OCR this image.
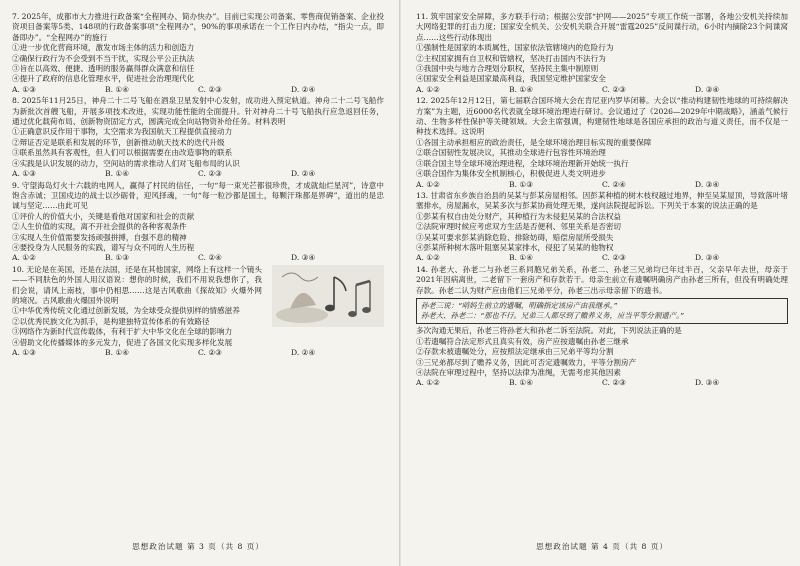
7. 2025年，成都市大力推进行政备案“全程网办、简办快办”。目前已实现公司备案、零售商促销备案、企业投资项目备案等5类、148项的行政备案事项“全程网办”，90%的事项承诺在一个工作日内办结，“指尖一点，即备即办”。“全程网办”的施行

①进一步优化营商环境，激发市场主体的活力和创造力

②确保行政行为不会受到不当干扰，实现公平公正执法

③旨在以高效、便捷、透明的服务赢得群众满意和信任

④提升了政府的信息化管理水平，促进社会治理现代化

A. ①③	B. ①④	C. ②③	D. ②④

8. 2025年11月25日，神舟二十二号飞船在酒泉卫星发射中心发射，成功进入预定轨道。神舟二十二号飞船作为新批次首艘飞船，开展多项技术改进，实现功能性能的全面提升。针对神舟二十号飞船执行应急返回任务，通过优化载荷布局、创新物资固定方式，圆满完成全向站物资补给任务。材料表明

①正确意识反作用于事物，太空需求为我国航天工程提供直接动力

②辩证否定是联系和发展的环节，创新推动航天技术的迭代升级

③联系虽然具有客观性，但人们可以根据需要在由改造事物的联系

④实践是认识发展的动力，空间站的需求推动人们对飞船布局的认识

A. ①③	B. ①④	C. ②③	D. ②④

9. 守望海岛灯火十六载的电网人，赢得了村民的信任，一句“每一束光芒都很珍贵，才成就灿烂星河”，诗意中饱含赤诚；卫国戍边的战士以沙砺骨，迎风择魂，一句“每一粒沙都是国土，每颗汗珠都是界碑”，道出的是忠诚与坚定……由此可见

①评价人的价值大小，关键是看他对国家和社会的贡献

②人生价值的实现，离不开社会提供的各种客观条件

③实现人生价值需要发扬顽强拼搏，自强不息的精神

④要投身为人民服务的实践，谱写与众不同的人生历程

A. ①②	B. ①③	C. ②④	D. ③④

10. 无论是在美国，还是在法国，还是在其他国家，网络上有这样一个镜头——不同肤色的外国人用汉语说：想你的时候，我们不用说我想你了，我们会说，请风上南枝，事中仍相思……这是古风歌曲《探故知》火爆外网的境况。古风歌曲火爆国外说明

①中华优秀传统文化通过创新发展，为全球受众提供别样的情感滋养

②以优秀民族文化为抓手，是构建独特宣传体系的有效路径

③网络作为新时代宣传载体，有利于扩大中华文化在全球的影响力

④借助文化传播媒体的多元发力，促进了各国文化实现多样化发展

A. ①③	B. ①④	C. ②③	D. ②④
思想政治试题 第 3 页（共 8 页）

11. 筑牢国家安全屏障，多方联手行动；根据公安部“护网——2025”专项工作统一部署，各地公安机关持续加大网络犯罪的打击力度；国家安全机关、公安机关联合开展“雷霆2025”反间谍行动，6小时内摘除23个间谍窝点……这些行动体现出

①强制性是国家的本质属性，国家依法管辖境内的危险行为

②主权国家拥有自卫权和管辖权，坚决打击国内不法行为

③我国中央与地方合理划分职权，坚持民主集中制原则

④国家安全利益是国家最高利益，我国坚定维护国家安全

A. ①②	B. ①④	C. ②③	D. ③④

12. 2025年12月12日，第七届联合国环境大会在肯尼亚内罗毕闭幕。大会以“推动构建韧性地球的可持续解决方案”为主题，近6000名代表就全球环境治理进行研讨。会议通过了《2026—2029年中期战略》，涵盖气候行动、生物多样性保护等关键领域。大会主席强调，构建韧性地球是各国应承担的政治与道义责任，而不仅是一种技术选择。这说明

①各国主动承担相应的政治责任，是全球环境治理目标实现的重要保障

②联合国韧性发展决议，其推动全球进行包容性环境治理

③联合国主导全球环境治理进程，全球环境治理新开始统一执行

④联合国作为集体安全机制核心，积极促进人类文明进步

A. ①②	B. ①③	C. ②④	D. ③④

13. 甘肃省东乡族自治县的吴某与彭某房屋相邻。因彭某种植的树木枝杈越过地界，伸至吴某屋顶，导致落叶堵塞排水，房屋漏水，吴某多次与彭某协商处理无果，遂向法院提起诉讼。下列关于本案的说法正确的是

①彭某有权自由处分财产，其种植行为未侵犯吴某的合法权益

②法院审理时候应考虑双方生活是否便利、邻里关系是否密切

③吴某可要求彭某消除危险、排除妨碍，赔偿房屋所受损失

④彭某所种树木落叶阻塞吴某家排水，侵犯了吴某的他物权

A. ①②	B. ①④	C. ②③	D. ③④

14. 孙老大、孙老二与孙老三系同胞兄弟关系，孙老二、孙老三兄弟均已年过半百，父亲早年去世，母亲于2021年因病离世，二老留下一套房产和存款若干。母亲生前立有遗嘱明确房产由孙老三所有，但没有明确处理存款。孙老二认为财产应由他们三兄弟平分，孙老三出示母亲留下的遗书。

孙老三说：“哨妈生前立的遗嘱，明确指定该房产由我继承。”
孙老大、孙老二：“那也不行。兄弟三人都尽到了赡养义务，应当平等分割遗产。”

多次沟通无果后，孙老三将孙老大和孙老二诉至法院。对此，下列说法正确的是

①若遗嘱符合法定形式且真实有效，房产应按遗嘱由孙老三继承

②存款未被遗嘱处分，应按照法定继承由三兄弟平等均分割

③三兄弟都尽到了赡养义务，因此可否定遗嘱效力，平等分割房产

④法院在审理过程中，坚持以法律为准绳，无需考虑其他因素

A. ①②	B. ①④	C. ②③	D. ③④
思想政治试题 第 4 页（共 8 页）
